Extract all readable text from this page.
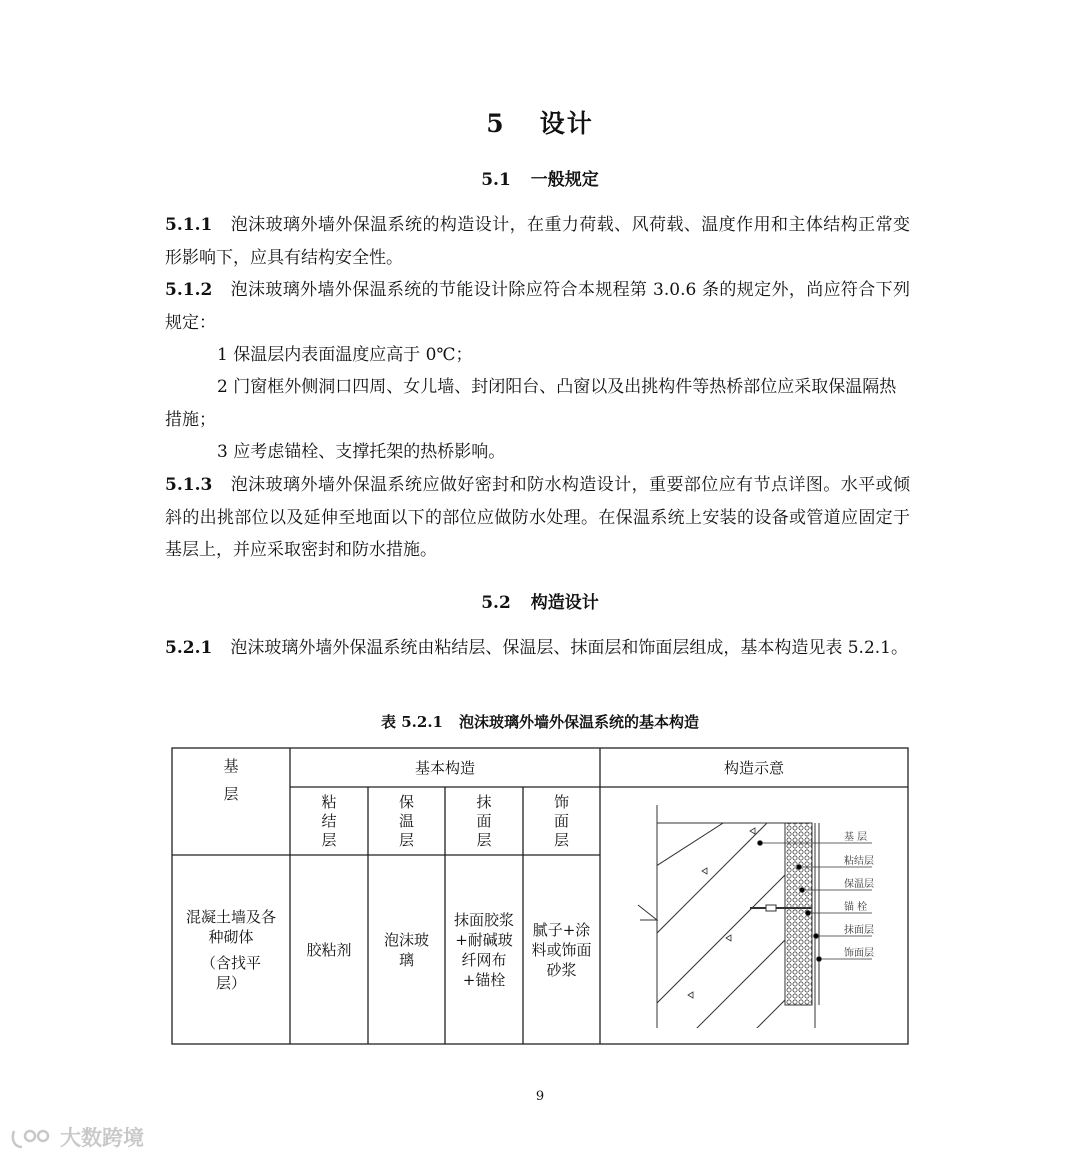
5 设计
5.1 一般规定

5.1.1 泡沫玻璃外墙外保温系统的构造设计，在重力荷载、风荷载、温度作用和主体结构正常变形影响下，应具有结构安全性。

5.1.2 泡沫玻璃外墙外保温系统的节能设计除应符合本规程第 3.0.6 条的规定外，尚应符合下列规定：

1 保温层内表面温度应高于 0℃；

2 门窗框外侧洞口四周、女儿墙、封闭阳台、凸窗以及出挑构件等热桥部位应采取保温隔热措施；

3 应考虑锚栓、支撑托架的热桥影响。

5.1.3 泡沫玻璃外墙外保温系统应做好密封和防水构造设计，重要部位应有节点详图。水平或倾斜的出挑部位以及延伸至地面以下的部位应做防水处理。在保温系统上安装的设备或管道应固定于基层上，并应采取密封和防水措施。

5.2 构造设计

5.2.1 泡沫玻璃外墙外保温系统由粘结层、保温层、抹面层和饰面层组成，基本构造见表 5.2.1。

表 5.2.1 泡沫玻璃外墙外保温系统的基本构造
基
层
基本构造	构造示意
粘结层
保温层
抹面层
饰面层
混凝土墙及各种砌体
（含找平层）
胶粘剂
泡沫玻璃
抹面胶浆+耐碱玻纤网布+锚栓
腻子+涂料或饰面砂浆
基 层
粘结层
保温层
锚 栓
抹面层
饰面层
9
大数跨境
